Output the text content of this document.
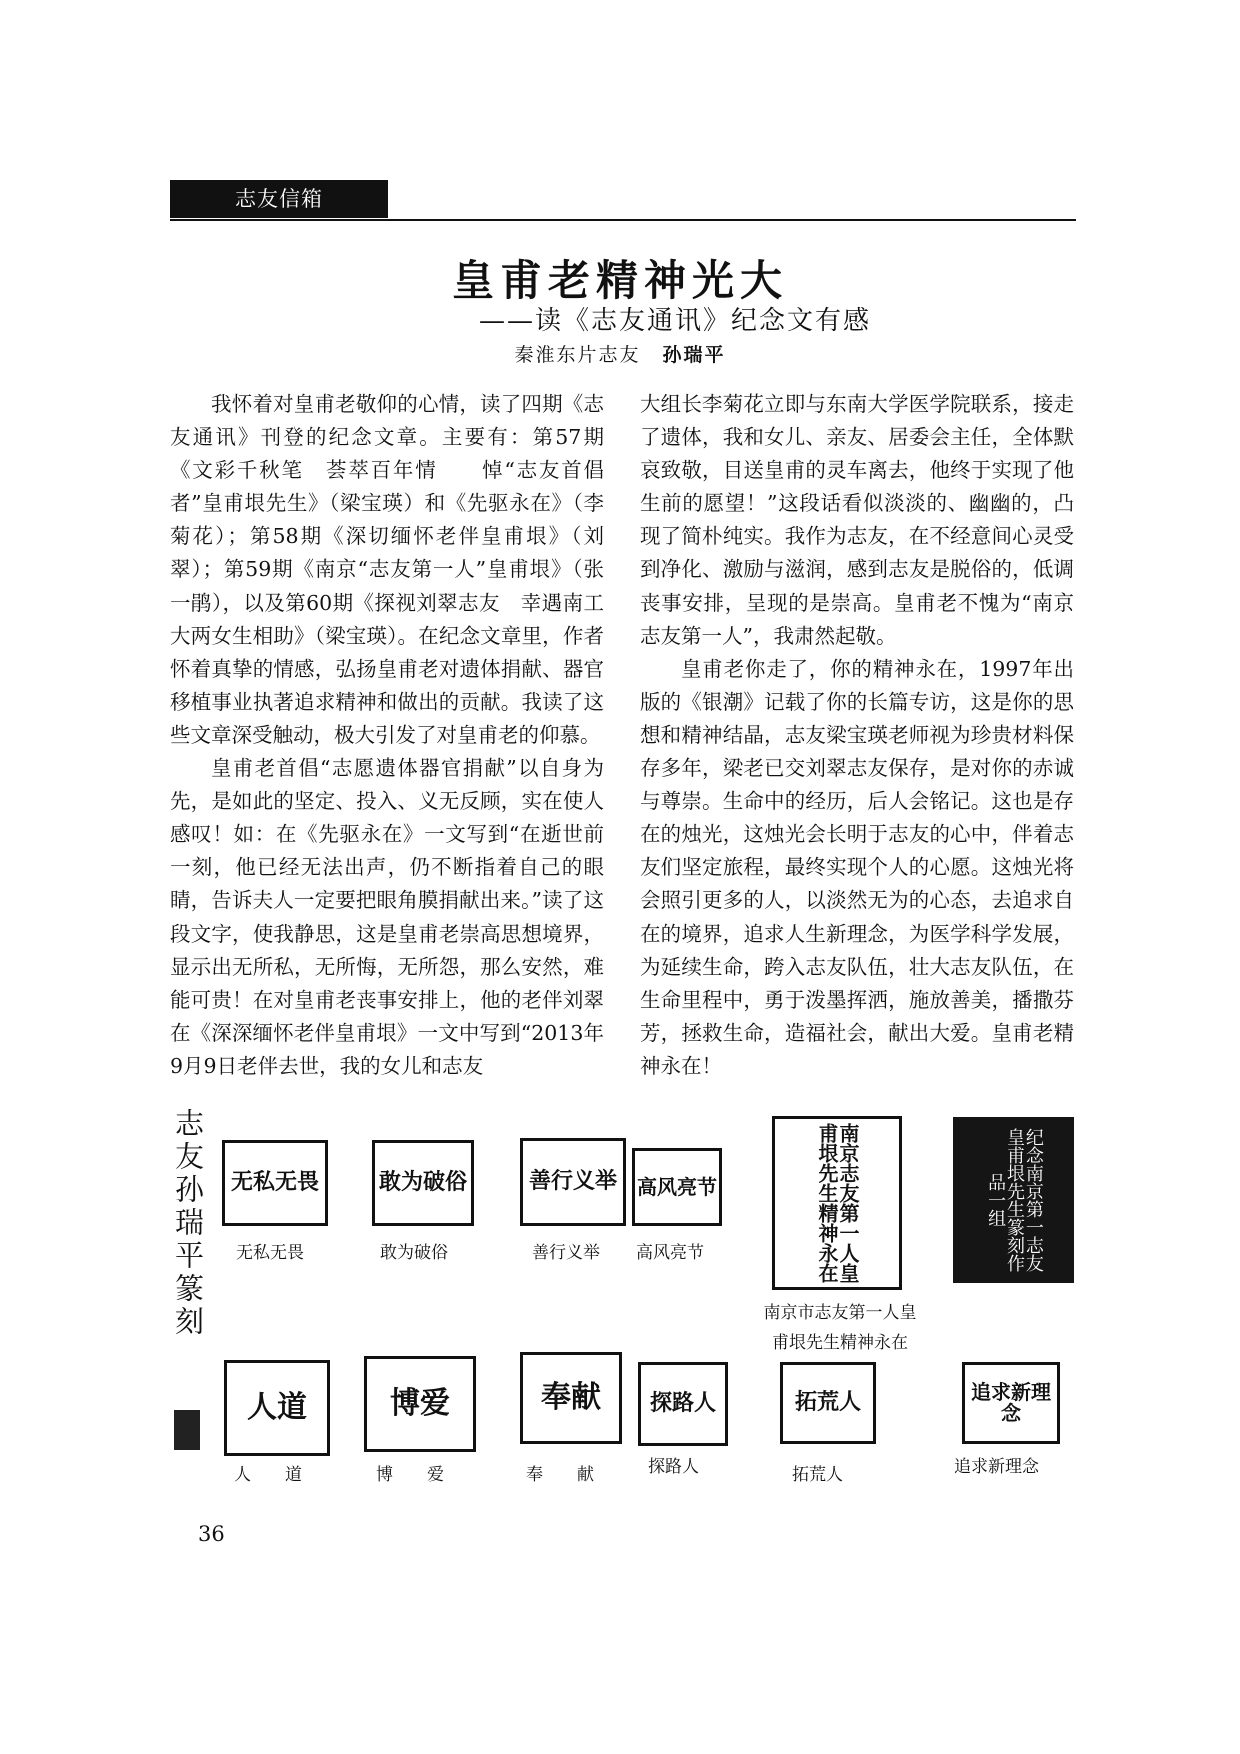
志友信箱
皇甫老精神光大
——读《志友通讯》纪念文有感
秦淮东片志友 孙瑞平

我怀着对皇甫老敬仰的心情，读了四期《志友通讯》刊登的纪念文章。主要有：第57期《文彩千秋笔　荟萃百年情　　悼“志友首倡者”皇甫垠先生》（梁宝瑛）和《先驱永在》（李菊花）；第58期《深切缅怀老伴皇甫垠》（刘翠）；第59期《南京“志友第一人”皇甫垠》（张一鹃），以及第60期《探视刘翠志友　幸遇南工大两女生相助》（梁宝瑛）。在纪念文章里，作者怀着真挚的情感，弘扬皇甫老对遗体捐献、器官移植事业执著追求精神和做出的贡献。我读了这些文章深受触动，极大引发了对皇甫老的仰慕。

皇甫老首倡“志愿遗体器官捐献”以自身为先，是如此的坚定、投入、义无反顾，实在使人感叹！如：在《先驱永在》一文写到“在逝世前一刻，他已经无法出声，仍不断指着自己的眼睛，告诉夫人一定要把眼角膜捐献出来。”读了这段文字，使我静思，这是皇甫老崇高思想境界，显示出无所私，无所悔，无所怨，那么安然，难能可贵！在对皇甫老丧事安排上，他的老伴刘翠在《深深缅怀老伴皇甫垠》一文中写到“2013年9月9日老伴去世，我的女儿和志友

大组长李菊花立即与东南大学医学院联系，接走了遗体，我和女儿、亲友、居委会主任，全体默哀致敬，目送皇甫的灵车离去，他终于实现了他生前的愿望！”这段话看似淡淡的、幽幽的，凸现了简朴纯实。我作为志友，在不经意间心灵受到净化、激励与滋润，感到志友是脱俗的，低调丧事安排，呈现的是崇高。皇甫老不愧为“南京志友第一人”，我肃然起敬。

皇甫老你走了，你的精神永在，1997年出版的《银潮》记载了你的长篇专访，这是你的思想和精神结晶，志友梁宝瑛老师视为珍贵材料保存多年，梁老已交刘翠志友保存，是对你的赤诚与尊崇。生命中的经历，后人会铭记。这也是存在的烛光，这烛光会长明于志友的心中，伴着志友们坚定旅程，最终实现个人的心愿。这烛光将会照引更多的人，以淡然无为的心态，去追求自在的境界，追求人生新理念，为医学科学发展，为延续生命，跨入志友队伍，壮大志友队伍，在生命里程中，勇于泼墨挥洒，施放善美，播撒芬芳，拯救生命，造福社会，献出大爱。皇甫老精神永在！

志友孙瑞平篆刻 无私无畏
无私无畏
敢为破俗
敢为破俗
善行义举
善行义举
高风亮节
高风亮节	南京志友第一人皇甫垠先生精神永在
南京市志友第一人皇甫垠先生精神永在
纪念南京第一志友皇甫垠先生篆刻作品一组
人道
人　　道
博爱
博　　爱
奉献
奉　　献
探路人
探路人
拓荒人
拓荒人
追求新理念
追求新理念
36
